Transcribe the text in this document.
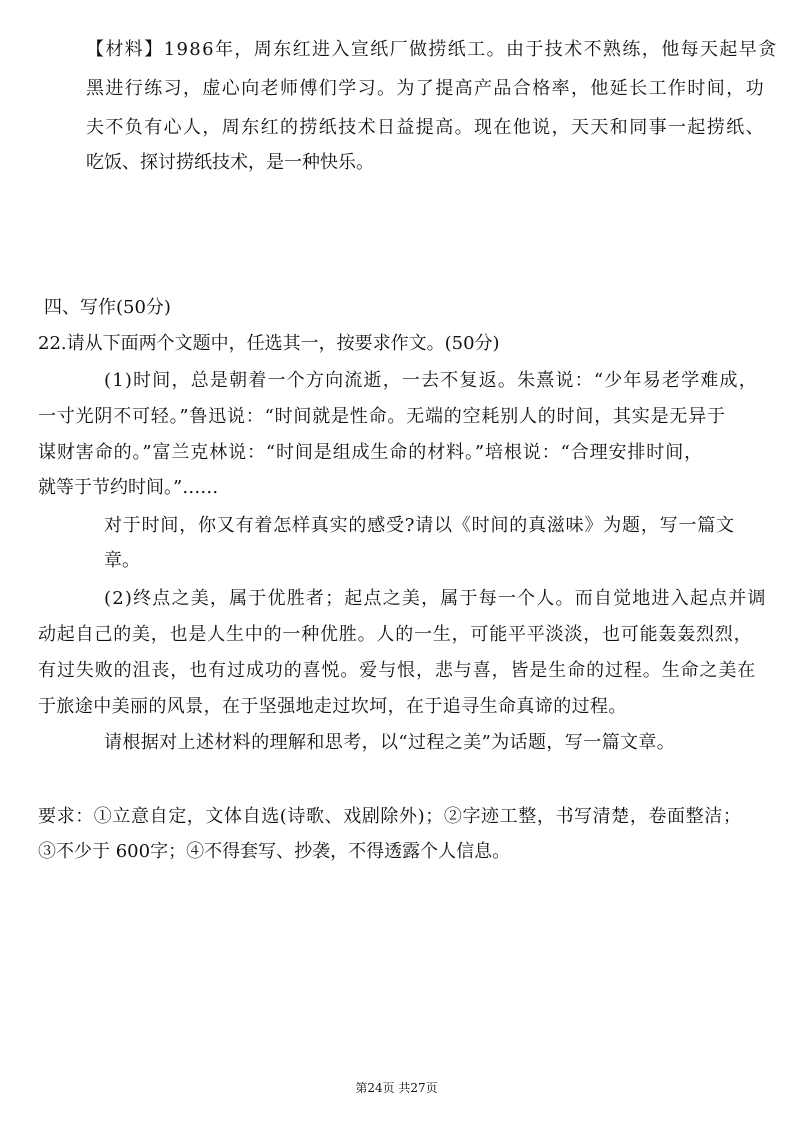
【材料】1986年，周东红进入宣纸厂做捞纸工。由于技术不熟练，他每天起早贪
黑进行练习，虚心向老师傅们学习。为了提高产品合格率，他延长工作时间，功
夫不负有心人，周东红的捞纸技术日益提高。现在他说，天天和同事一起捞纸、
吃饭、探讨捞纸技术，是一种快乐。
四、写作(50分)
22.请从下面两个文题中，任选其一，按要求作文。(50分)
(1)时间，总是朝着一个方向流逝，一去不复返。朱熹说：“少年易老学难成，
一寸光阴不可轻。”鲁迅说：“时间就是性命。无端的空耗别人的时间，其实是无异于
谋财害命的。”富兰克林说：“时间是组成生命的材料。”培根说：“合理安排时间，
就等于节约时间。”……
对于时间，你又有着怎样真实的感受?请以《时间的真滋味》为题，写一篇文
章。
(2)终点之美，属于优胜者；起点之美，属于每一个人。而自觉地进入起点并调
动起自己的美，也是人生中的一种优胜。人的一生，可能平平淡淡，也可能轰轰烈烈，
有过失败的沮丧，也有过成功的喜悦。爱与恨，悲与喜，皆是生命的过程。生命之美在
于旅途中美丽的风景，在于坚强地走过坎坷，在于追寻生命真谛的过程。
请根据对上述材料的理解和思考，以“过程之美”为话题，写一篇文章。
要求：①立意自定，文体自选(诗歌、戏剧除外)；②字迹工整，书写清楚，卷面整洁；
③不少于 600字；④不得套写、抄袭，不得透露个人信息。
第24页 共27页
